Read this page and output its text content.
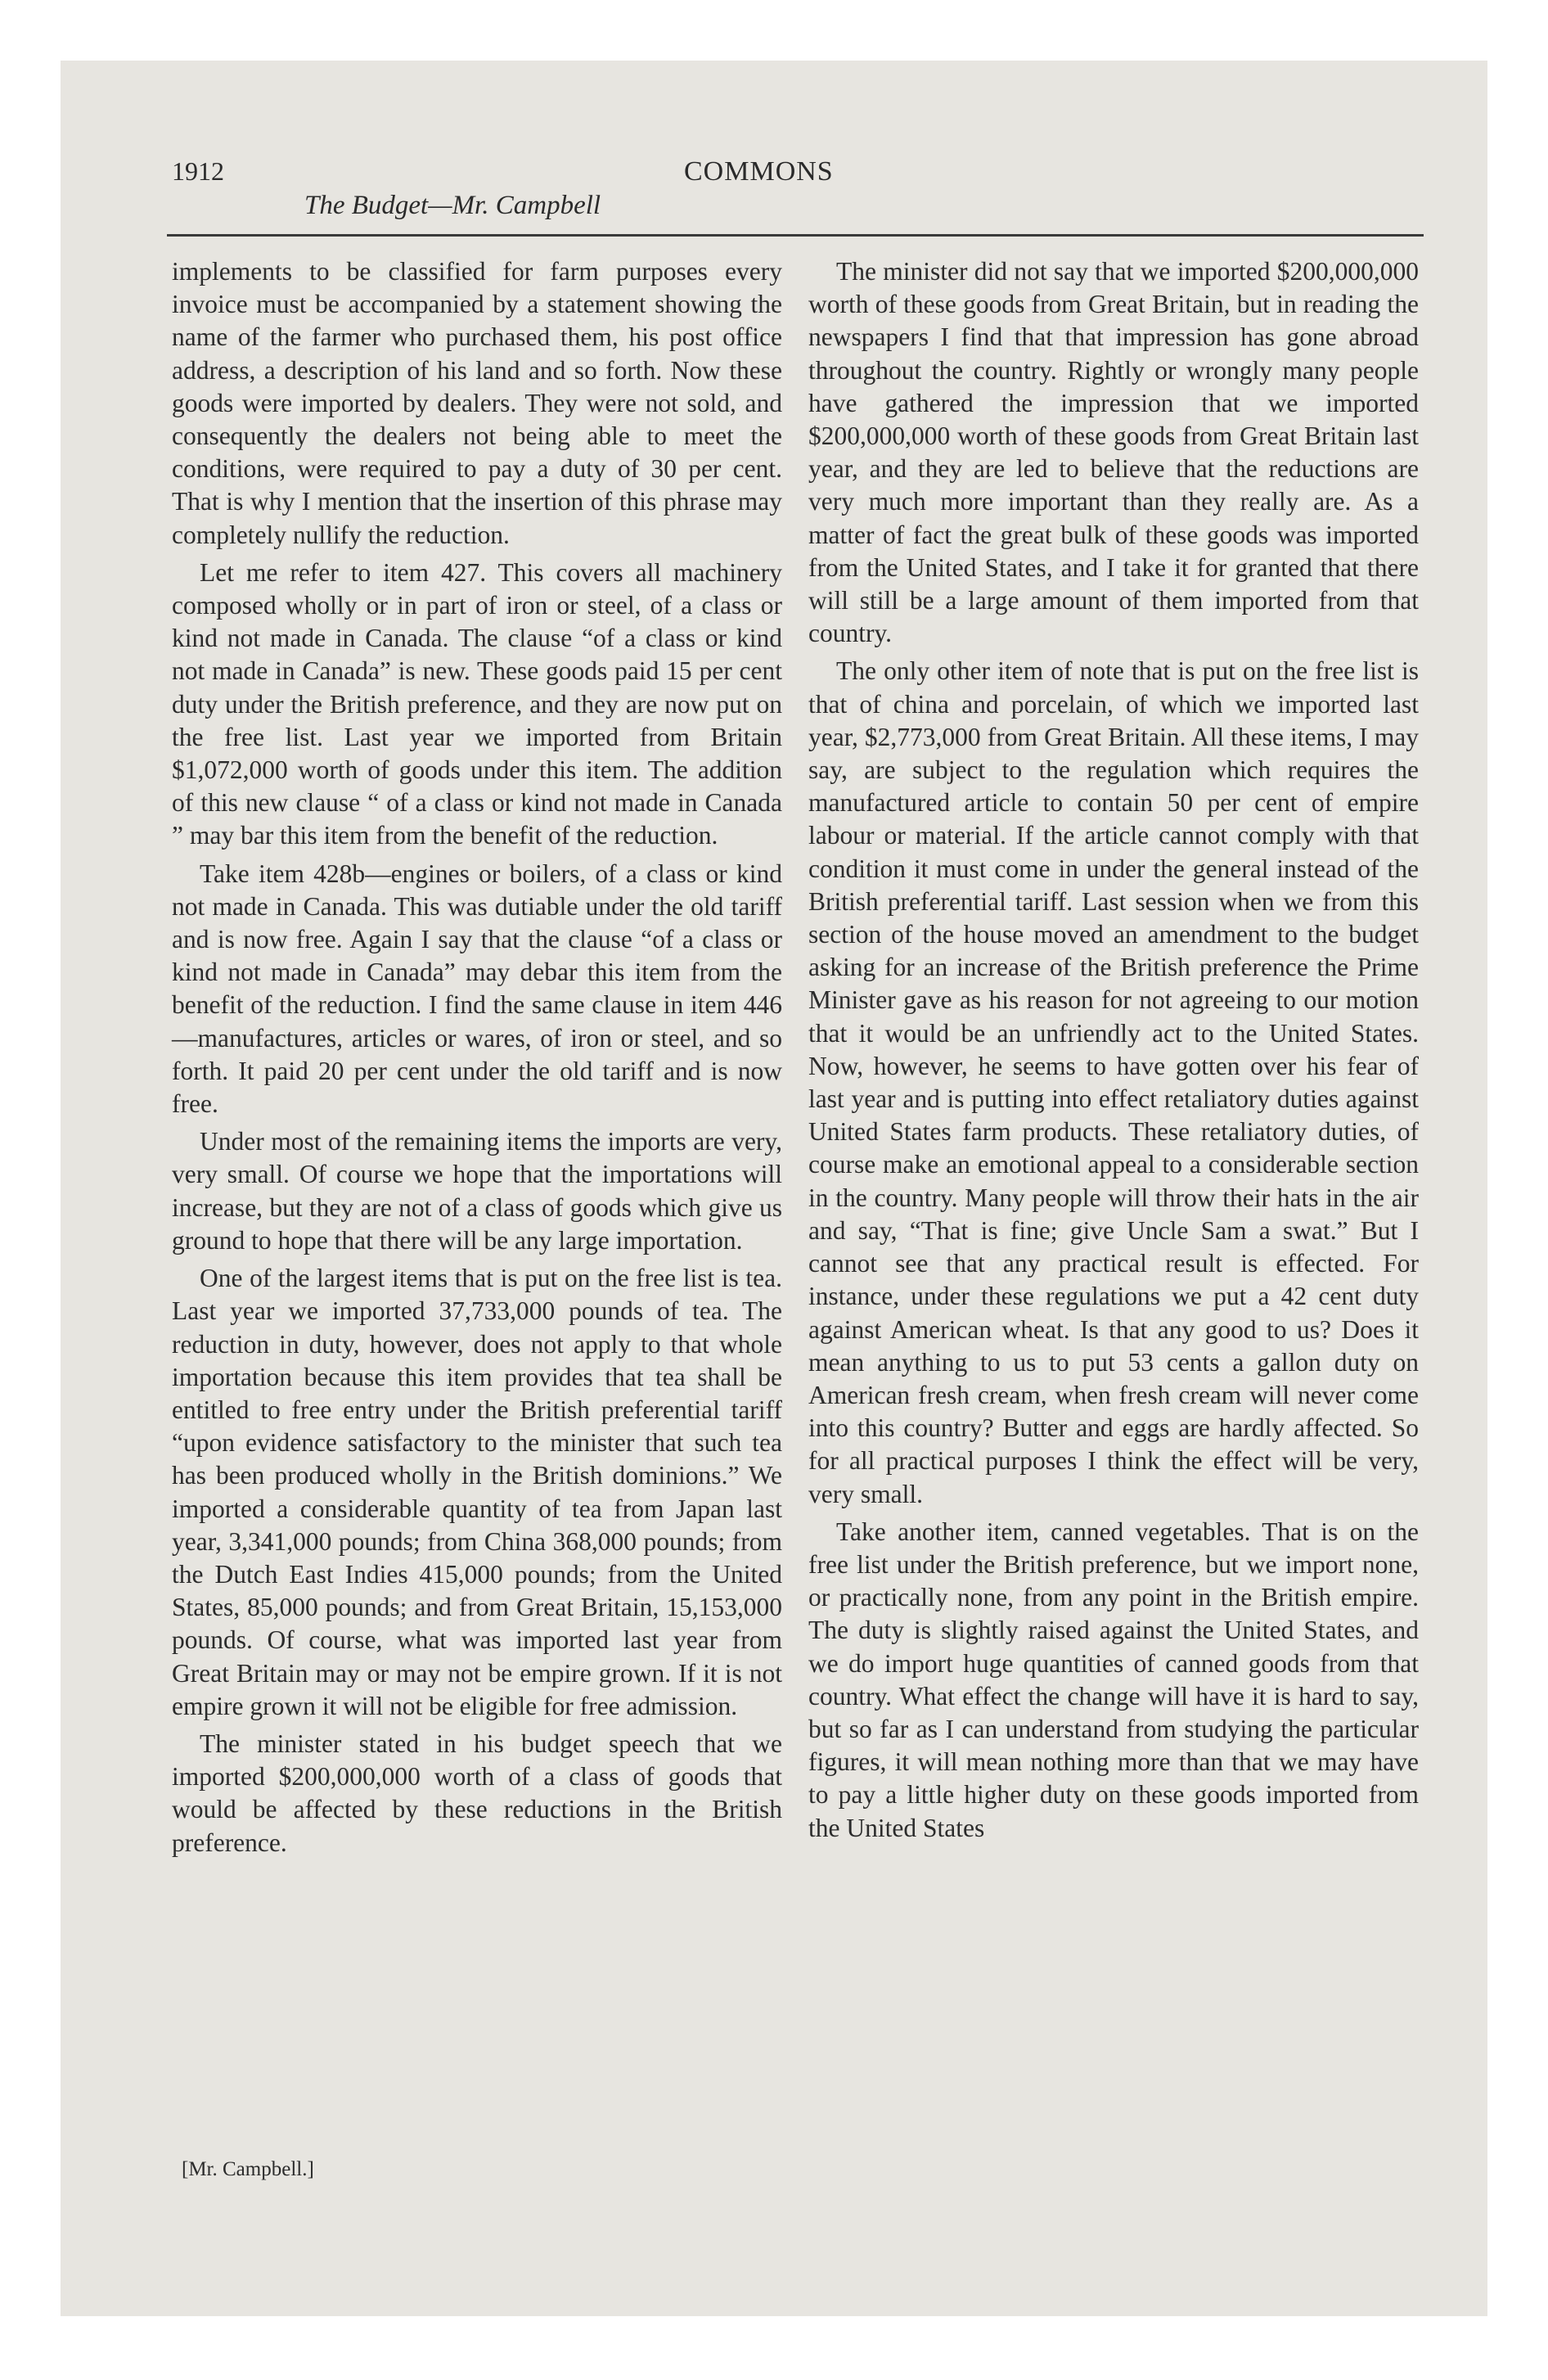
1912	COMMONS
The Budget—Mr. Campbell

implements to be classified for farm purposes every invoice must be accompanied by a statement showing the name of the farmer who purchased them, his post office address, a description of his land and so forth. Now these goods were imported by dealers. They were not sold, and consequently the dealers not being able to meet the conditions, were required to pay a duty of 30 per cent. That is why I mention that the insertion of this phrase may completely nullify the reduction.

Let me refer to item 427. This covers all machinery composed wholly or in part of iron or steel, of a class or kind not made in Canada. The clause “of a class or kind not made in Canada” is new. These goods paid 15 per cent duty under the British preference, and they are now put on the free list. Last year we imported from Britain $1,072,000 worth of goods under this item. The addition of this new clause “ of a class or kind not made in Canada ” may bar this item from the benefit of the reduction.

Take item 428b—engines or boilers, of a class or kind not made in Canada. This was dutiable under the old tariff and is now free. Again I say that the clause “of a class or kind not made in Canada” may debar this item from the benefit of the reduction. I find the same clause in item 446—manufactures, articles or wares, of iron or steel, and so forth. It paid 20 per cent under the old tariff and is now free.

Under most of the remaining items the imports are very, very small. Of course we hope that the importations will increase, but they are not of a class of goods which give us ground to hope that there will be any large importation.

One of the largest items that is put on the free list is tea. Last year we imported 37,733,000 pounds of tea. The reduction in duty, however, does not apply to that whole importation because this item provides that tea shall be entitled to free entry under the British preferential tariff “upon evidence satisfactory to the minister that such tea has been produced wholly in the British dominions.” We imported a considerable quantity of tea from Japan last year, 3,341,000 pounds; from China 368,000 pounds; from the Dutch East Indies 415,000 pounds; from the United States, 85,000 pounds; and from Great Britain, 15,153,000 pounds. Of course, what was imported last year from Great Britain may or may not be empire grown. If it is not empire grown it will not be eligible for free admission.

The minister stated in his budget speech that we imported $200,000,000 worth of a class of goods that would be affected by these reductions in the British preference.

[Mr. Campbell.]

The minister did not say that we imported $200,000,000 worth of these goods from Great Britain, but in reading the newspapers I find that that impression has gone abroad throughout the country. Rightly or wrongly many people have gathered the impression that we imported $200,000,000 worth of these goods from Great Britain last year, and they are led to believe that the reductions are very much more important than they really are. As a matter of fact the great bulk of these goods was imported from the United States, and I take it for granted that there will still be a large amount of them imported from that country.

The only other item of note that is put on the free list is that of china and porcelain, of which we imported last year, $2,773,000 from Great Britain. All these items, I may say, are subject to the regulation which requires the manufactured article to contain 50 per cent of empire labour or material. If the article cannot comply with that condition it must come in under the general instead of the British preferential tariff. Last session when we from this section of the house moved an amendment to the budget asking for an increase of the British preference the Prime Minister gave as his reason for not agreeing to our motion that it would be an unfriendly act to the United States. Now, however, he seems to have gotten over his fear of last year and is putting into effect retaliatory duties against United States farm products. These retaliatory duties, of course make an emotional appeal to a considerable section in the country. Many people will throw their hats in the air and say, “That is fine; give Uncle Sam a swat.” But I cannot see that any practical result is effected. For instance, under these regulations we put a 42 cent duty against American wheat. Is that any good to us? Does it mean anything to us to put 53 cents a gallon duty on American fresh cream, when fresh cream will never come into this country? Butter and eggs are hardly affected. So for all practical purposes I think the effect will be very, very small.

Take another item, canned vegetables. That is on the free list under the British preference, but we import none, or practically none, from any point in the British empire. The duty is slightly raised against the United States, and we do import huge quantities of canned goods from that country. What effect the change will have it is hard to say, but so far as I can understand from studying the particular figures, it will mean nothing more than that we may have to pay a little higher duty on these goods imported from the United States
